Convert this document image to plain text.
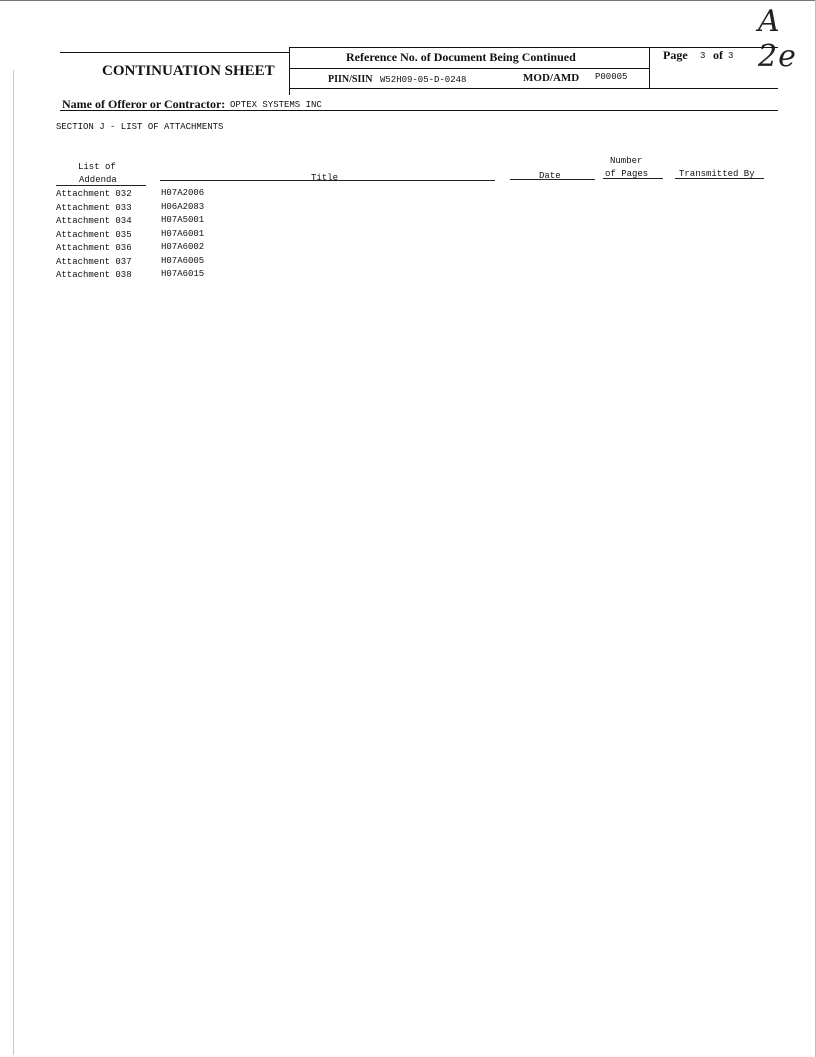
A 2e
CONTINUATION SHEET
Reference No. of Document Being Continued
PIIN/SIIN W52H09-05-D-0248	MOD/AMD P00005
Page 3 of 3
Name of Offeror or Contractor: OPTEX SYSTEMS INC
SECTION J - LIST OF ATTACHMENTS
List of
Addenda	Title	Date
Number
of Pages	Transmitted By
Attachment 032	H07A2006
Attachment 033	H06A2083
Attachment 034	H07A5001
Attachment 035	H07A6001
Attachment 036	H07A6002
Attachment 037	H07A6005
Attachment 038	H07A6015
